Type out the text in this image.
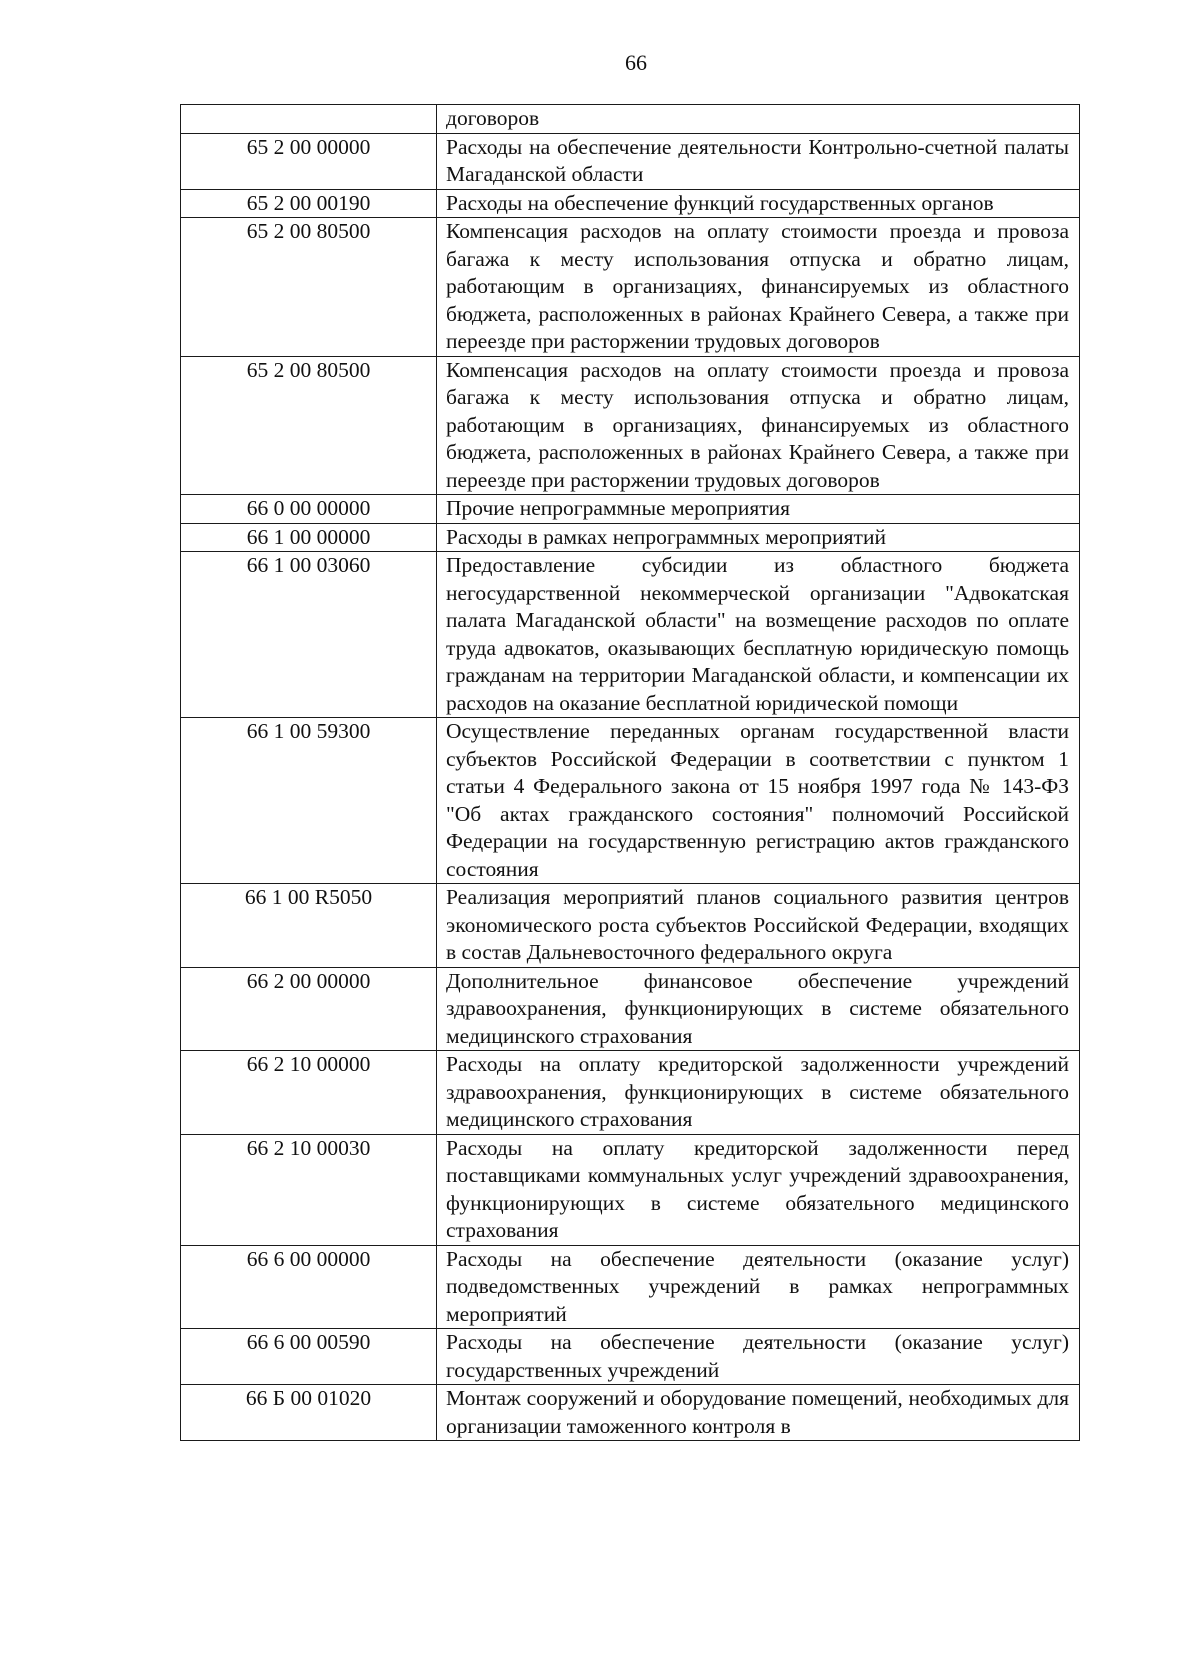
66
	договоров
65 2 00 00000	Расходы на обеспечение деятельности Контрольно-счетной палаты Магаданской области
65 2 00 00190	Расходы на обеспечение функций государственных органов
65 2 00 80500	Компенсация расходов на оплату стоимости проезда и провоза багажа к месту использования отпуска и обратно лицам, работающим в организациях, финансируемых из областного бюджета, расположенных в районах Крайнего Севера, а также при переезде при расторжении трудовых договоров
65 2 00 80500	Компенсация расходов на оплату стоимости проезда и провоза багажа к месту использования отпуска и обратно лицам, работающим в организациях, финансируемых из областного бюджета, расположенных в районах Крайнего Севера, а также при переезде при расторжении трудовых договоров
66 0 00 00000	Прочие непрограммные мероприятия
66 1 00 00000	Расходы в рамках непрограммных мероприятий
66 1 00 03060	Предоставление субсидии из областного бюджета негосударственной некоммерческой организации "Адвокатская палата Магаданской области" на возмещение расходов по оплате труда адвокатов, оказывающих бесплатную юридическую помощь гражданам на территории Магаданской области, и компенсации их расходов на оказание бесплатной юридической помощи
66 1 00 59300	Осуществление переданных органам государственной власти субъектов Российской Федерации в соответствии с пунктом 1 статьи 4 Федерального закона от 15 ноября 1997 года № 143-ФЗ "Об актах гражданского состояния" полномочий Российской Федерации на государственную регистрацию актов гражданского состояния
66 1 00 R5050	Реализация мероприятий планов социального развития центров экономического роста субъектов Российской Федерации, входящих в состав Дальневосточного федерального округа
66 2 00 00000	Дополнительное финансовое обеспечение учреждений здравоохранения, функционирующих в системе обязательного медицинского страхования
66 2 10 00000	Расходы на оплату кредиторской задолженности учреждений здравоохранения, функционирующих в системе обязательного медицинского страхования
66 2 10 00030	Расходы на оплату кредиторской задолженности перед поставщиками коммунальных услуг учреждений здравоохранения, функционирующих в системе обязательного медицинского страхования
66 6 00 00000	Расходы на обеспечение деятельности (оказание услуг) подведомственных учреждений в рамках непрограммных мероприятий
66 6 00 00590	Расходы на обеспечение деятельности (оказание услуг) государственных учреждений
66 Б 00 01020	Монтаж сооружений и оборудование помещений, необходимых для организации таможенного контроля в
